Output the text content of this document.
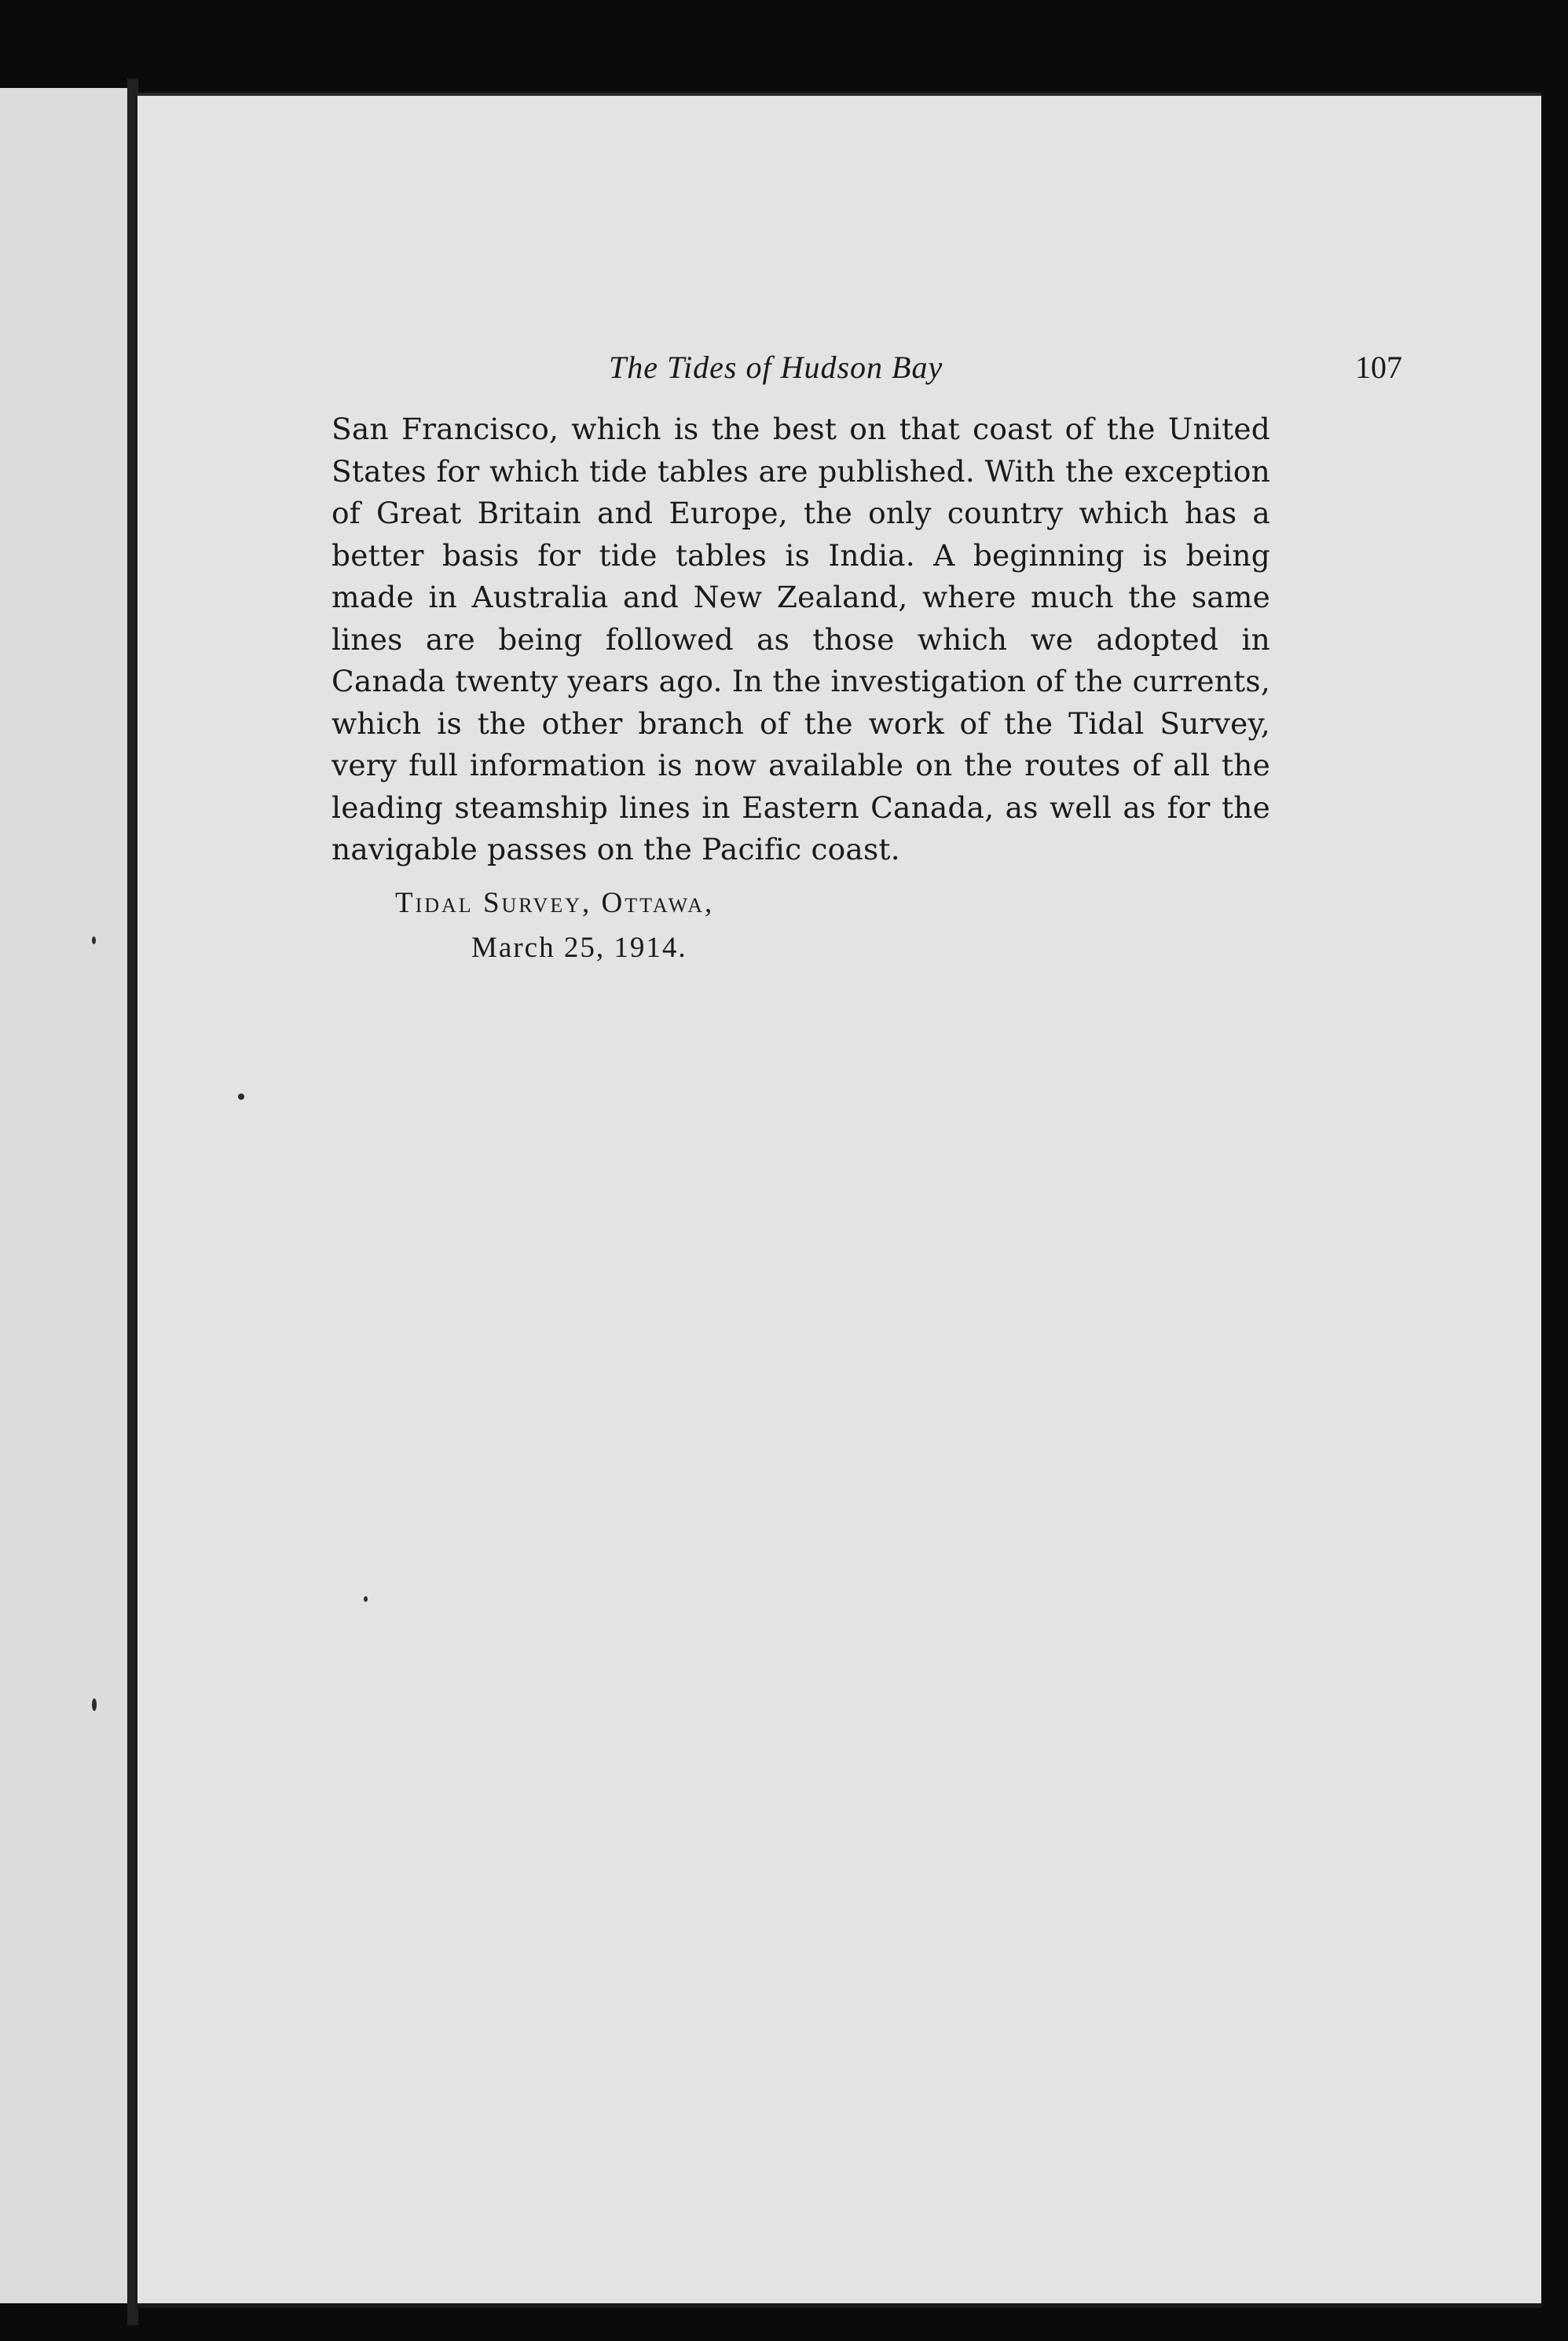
The Tides of Hudson Bay	107

San Francisco, which is the best on that coast of the United States for which tide tables are published. With the exception of Great Britain and Europe, the only country which has a better basis for tide tables is India. A beginning is being made in Australia and New Zealand, where much the same lines are being followed as those which we adopted in Canada twenty years ago. In the investigation of the currents, which is the other branch of the work of the Tidal Survey, very full information is now available on the routes of all the leading steamship lines in Eastern Canada, as well as for the navigable passes on the Pacific coast.

Tidal Survey, Ottawa,
March 25, 1914.
